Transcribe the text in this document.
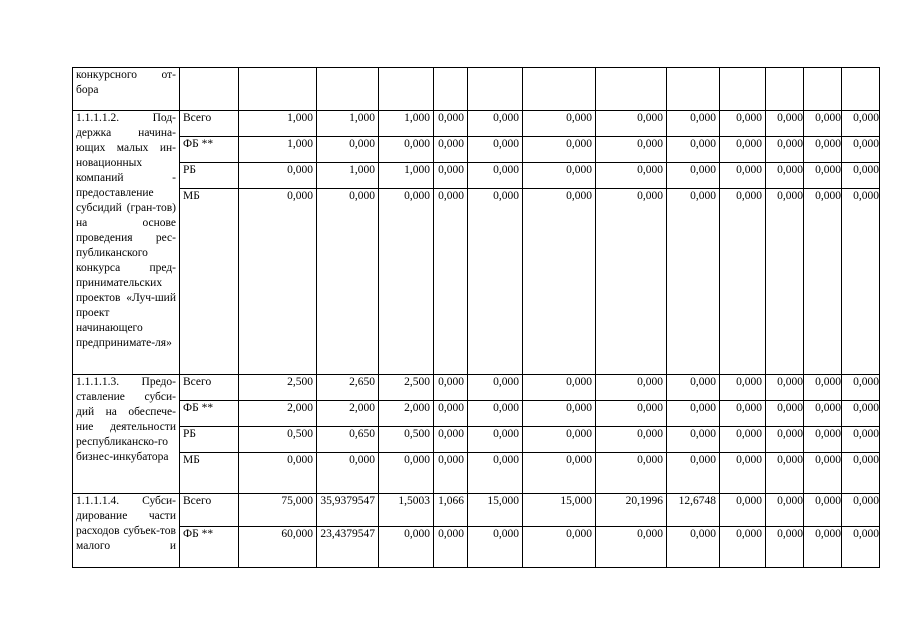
конкурсного от-бора													
1.1.1.1.2. Под-держка начина-ющих малых ин-новационных компаний - предоставление субсидий (гран-тов) на основе проведения рес-публиканского конкурса пред-принимательских проектов «Луч-ший проект начинающего предпринимате-ля»	Всего	1,000	1,000	1,000	0,000	0,000	0,000	0,000	0,000	0,000	0,000	0,000	0,000
	ФБ **	1,000	0,000	0,000	0,000	0,000	0,000	0,000	0,000	0,000	0,000	0,000	0,000
	РБ	0,000	1,000	1,000	0,000	0,000	0,000	0,000	0,000	0,000	0,000	0,000	0,000
	МБ	0,000	0,000	0,000	0,000	0,000	0,000	0,000	0,000	0,000	0,000	0,000	0,000
1.1.1.1.3. Предо-ставление субси-дий на обеспече-ние деятельности республиканско-го бизнес-инкубатора	Всего	2,500	2,650	2,500	0,000	0,000	0,000	0,000	0,000	0,000	0,000	0,000	0,000
	ФБ **	2,000	2,000	2,000	0,000	0,000	0,000	0,000	0,000	0,000	0,000	0,000	0,000
	РБ	0,500	0,650	0,500	0,000	0,000	0,000	0,000	0,000	0,000	0,000	0,000	0,000
	МБ	0,000	0,000	0,000	0,000	0,000	0,000	0,000	0,000	0,000	0,000	0,000	0,000
1.1.1.1.4. Субси-дирование части расходов субъек-тов малого и	Всего	75,000	35,9379547	1,5003	1,066	15,000	15,000	20,1996	12,6748	0,000	0,000	0,000	0,000
	ФБ **	60,000	23,4379547	0,000	0,000	0,000	0,000	0,000	0,000	0,000	0,000	0,000	0,000
